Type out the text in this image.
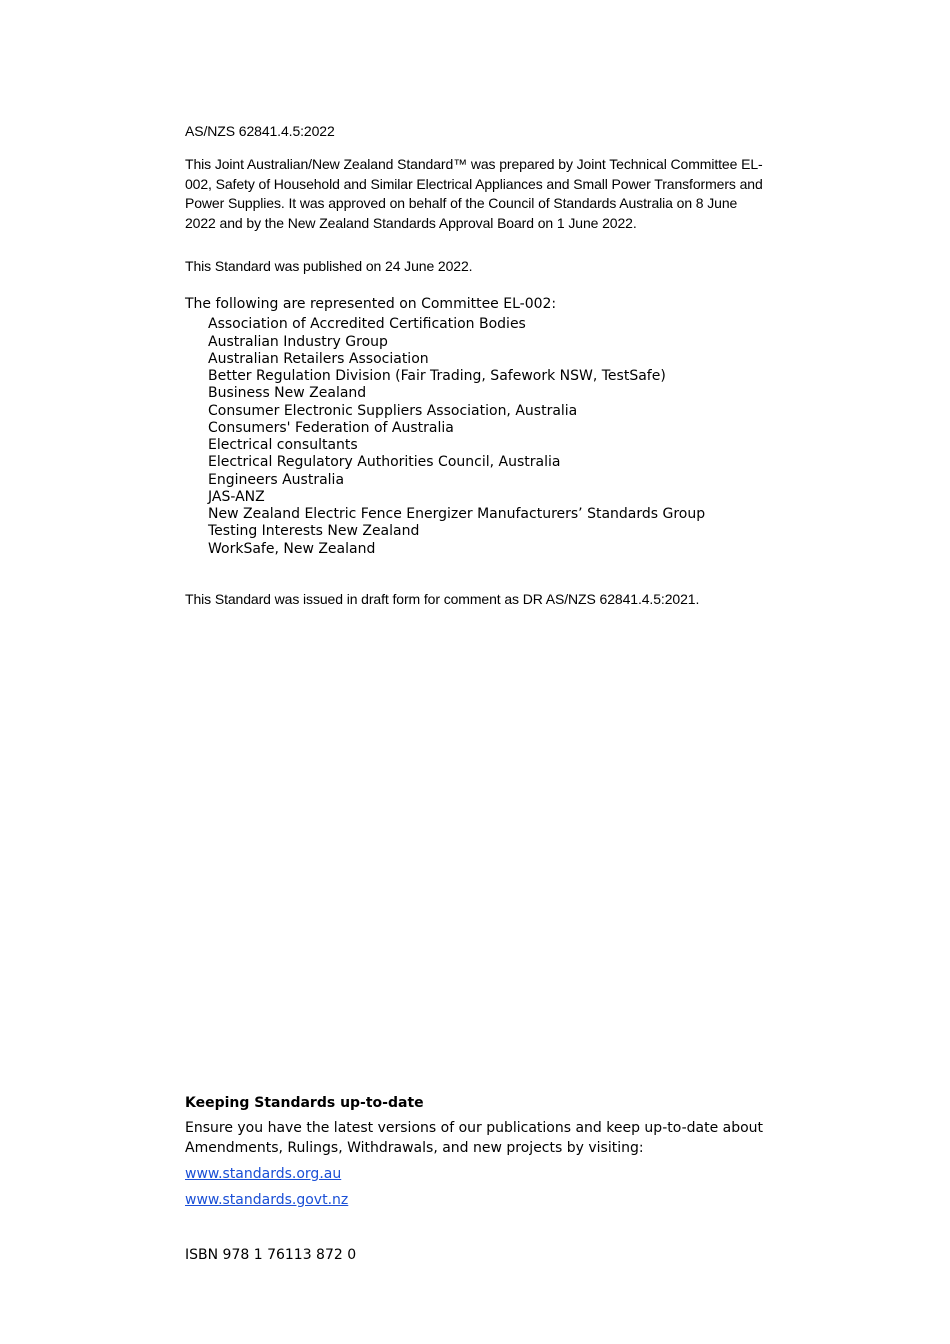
AS/NZS 62841.4.5:2022

This Joint Australian/New Zealand Standard™ was prepared by Joint Technical Committee EL-002, Safety of Household and Similar Electrical Appliances and Small Power Transformers and Power Supplies. It was approved on behalf of the Council of Standards Australia on 8 June 2022 and by the New Zealand Standards Approval Board on 1 June 2022.

This Standard was published on 24 June 2022.

The following are represented on Committee EL-002:

Association of Accredited Certification Bodies
Australian Industry Group
Australian Retailers Association
Better Regulation Division (Fair Trading, Safework NSW, TestSafe)
Business New Zealand
Consumer Electronic Suppliers Association, Australia
Consumers' Federation of Australia
Electrical consultants
Electrical Regulatory Authorities Council, Australia
Engineers Australia
JAS-ANZ
New Zealand Electric Fence Energizer Manufacturers’ Standards Group
Testing Interests New Zealand
WorkSafe, New Zealand

This Standard was issued in draft form for comment as DR AS/NZS 62841.4.5:2021.

Keeping Standards up-to-date

Ensure you have the latest versions of our publications and keep up-to-date about Amendments, Rulings, Withdrawals, and new projects by visiting:

www.standards.org.au
www.standards.govt.nz

ISBN 978 1 76113 872 0
